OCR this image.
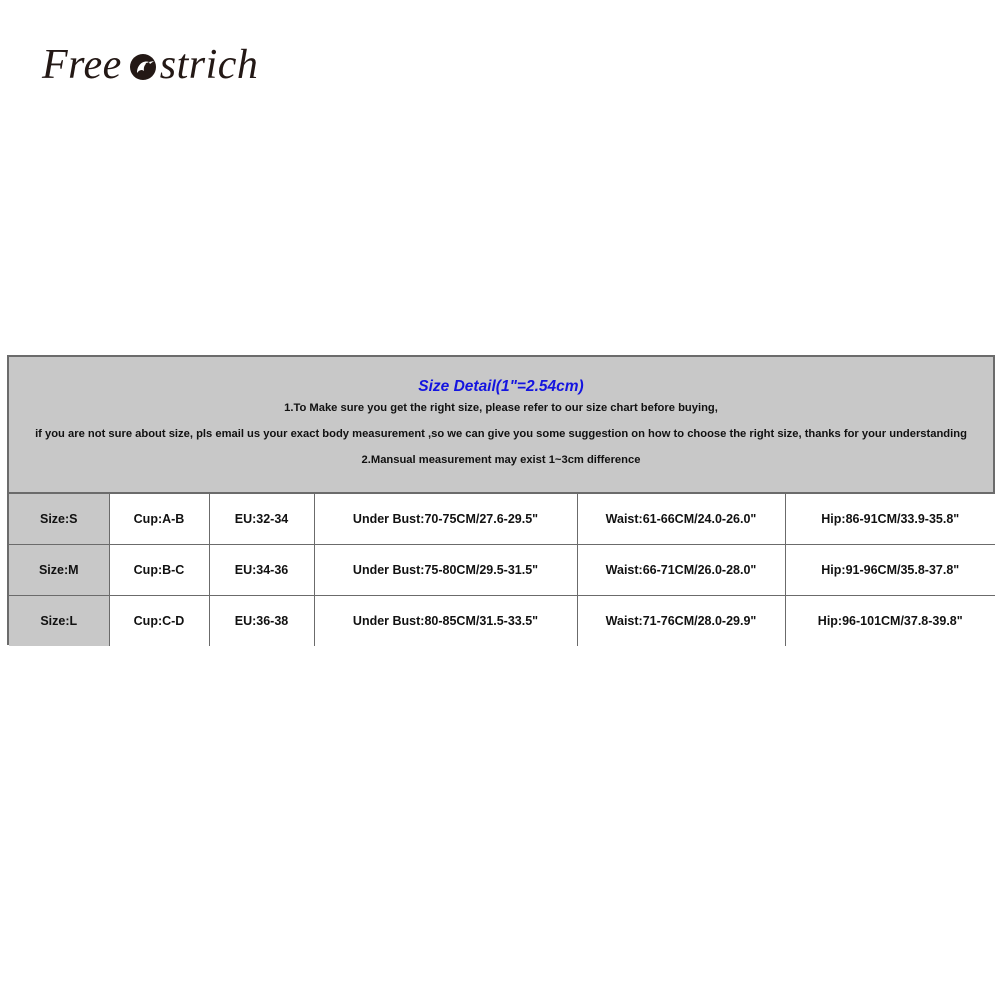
Free strich
Size Detail(1"=2.54cm)
1.To Make sure you get the right size, please refer to our size chart before buying,
if you are not sure about size, pls email us your exact body measurement ,so we can give you some suggestion on how to choose the right size, thanks for your understanding
2.Mansual measurement may exist 1~3cm difference
Size:S	Cup:A-B	EU:32-34	Under Bust:70-75CM/27.6-29.5"	Waist:61-66CM/24.0-26.0"	Hip:86-91CM/33.9-35.8"
Size:M	Cup:B-C	EU:34-36	Under Bust:75-80CM/29.5-31.5"	Waist:66-71CM/26.0-28.0"	Hip:91-96CM/35.8-37.8"
Size:L	Cup:C-D	EU:36-38	Under Bust:80-85CM/31.5-33.5"	Waist:71-76CM/28.0-29.9"	Hip:96-101CM/37.8-39.8"
